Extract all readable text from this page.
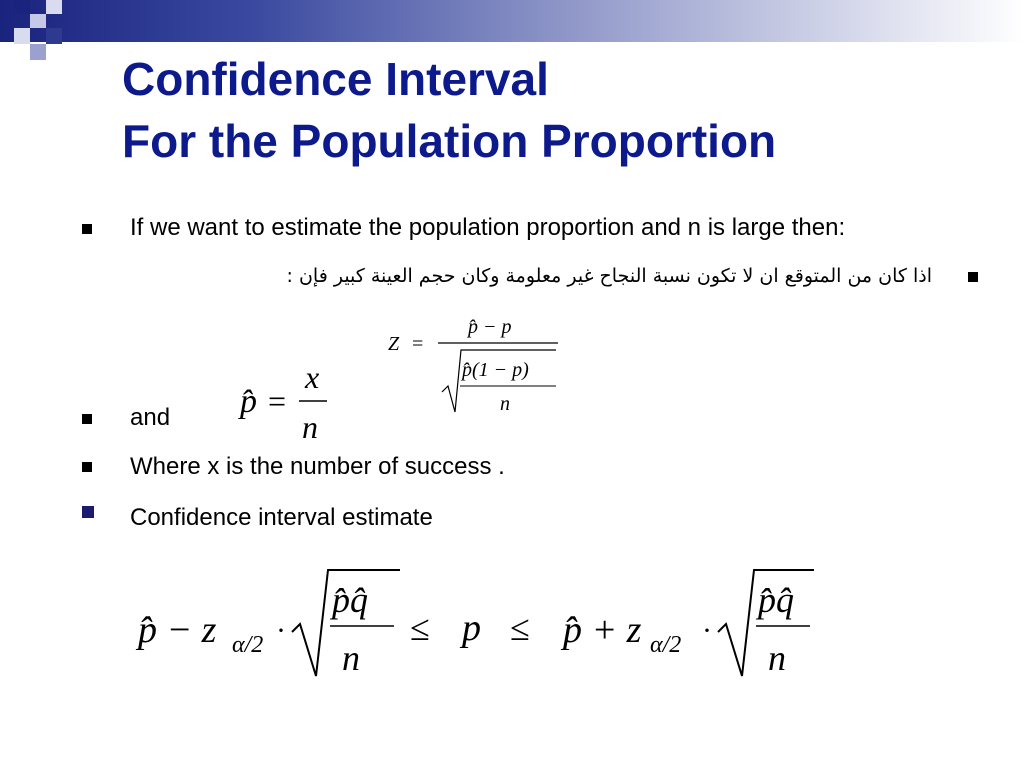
Confidence Interval
For the Population Proportion
If we want to estimate the population proportion and n is large then:
اذا كان من المتوقع ان لا تكون نسبة النجاح غير معلومة وكان حجم العينة كبير فإن :
and
Where x is the number of success .
Confidence interval estimate
Z =
p̂ − p
p̂(1 − p)
n
p̂ =
x
n
p̂ − z α/2 ·
p̂q̂
n
≤ p ≤ p̂ + z α/2 ·
p̂q̂
n
